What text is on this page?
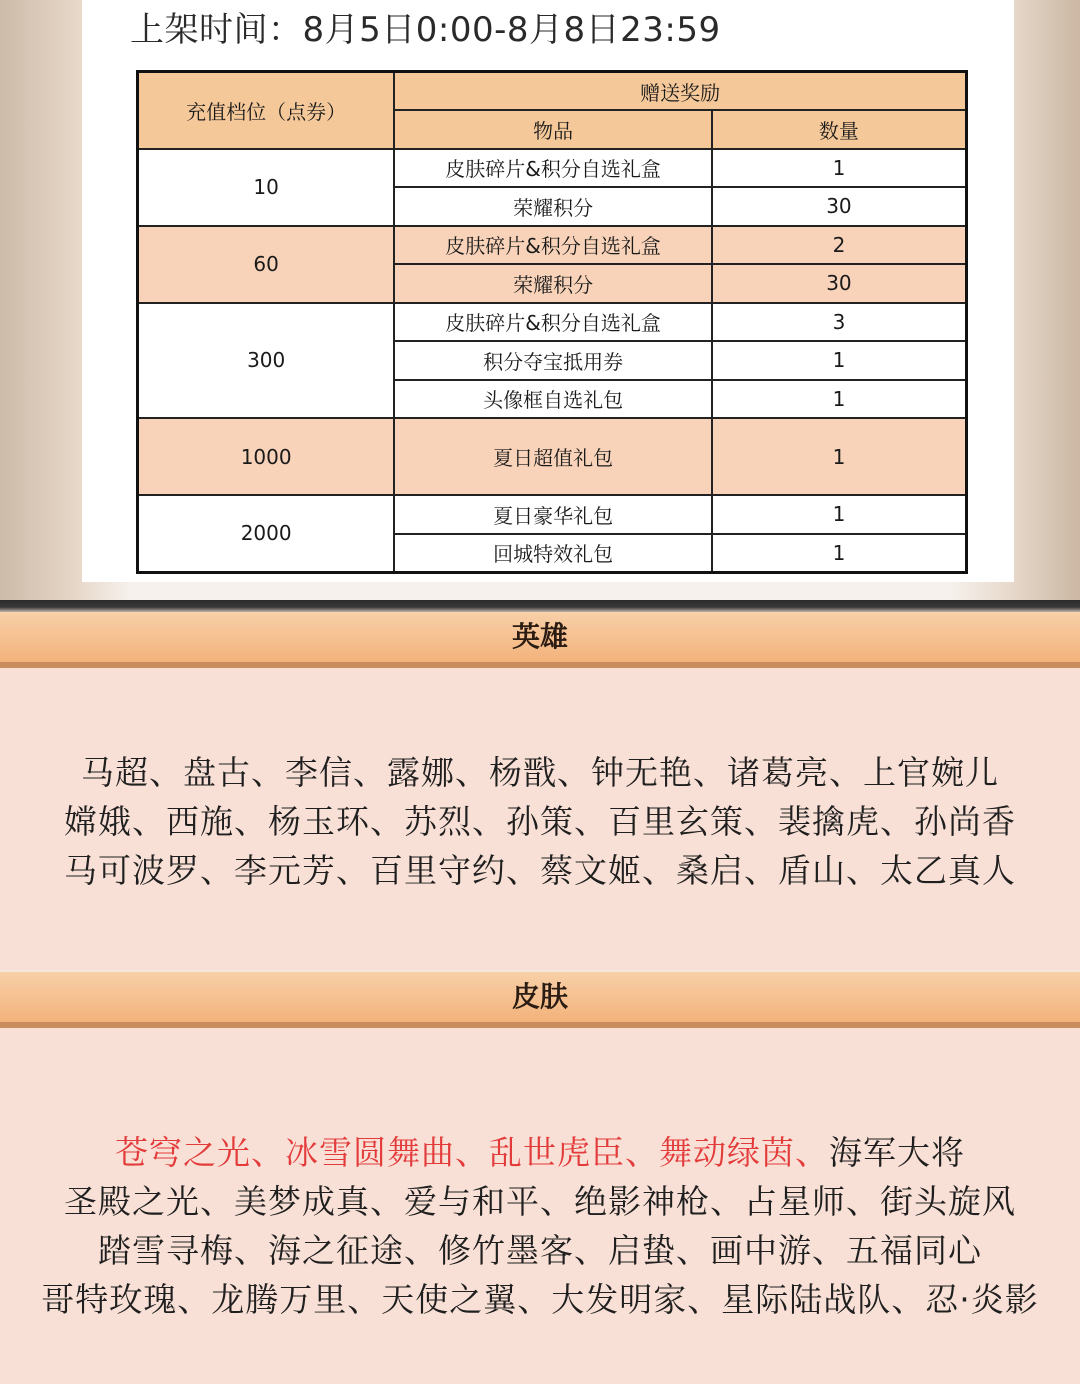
上架时间：8月5日0:00-8月8日23:59
充值档位（点券）	赠送奖励	
	物品	数量
10	皮肤碎片&积分自选礼盒	1
	荣耀积分	30
60	皮肤碎片&积分自选礼盒	2
	荣耀积分	30
300	皮肤碎片&积分自选礼盒	3
	积分夺宝抵用券	1
	头像框自选礼包	1
1000	夏日超值礼包	1
2000	夏日豪华礼包	1
	回城特效礼包	1
英雄
马超、盘古、李信、露娜、杨戬、钟无艳、诸葛亮、上官婉儿
嫦娥、西施、杨玉环、苏烈、孙策、百里玄策、裴擒虎、孙尚香
马可波罗、李元芳、百里守约、蔡文姬、桑启、盾山、太乙真人
皮肤
苍穹之光、冰雪圆舞曲、乱世虎臣、舞动绿茵、海军大将
圣殿之光、美梦成真、爱与和平、绝影神枪、占星师、街头旋风
踏雪寻梅、海之征途、修竹墨客、启蛰、画中游、五福同心
哥特玫瑰、龙腾万里、天使之翼、大发明家、星际陆战队、忍·炎影
